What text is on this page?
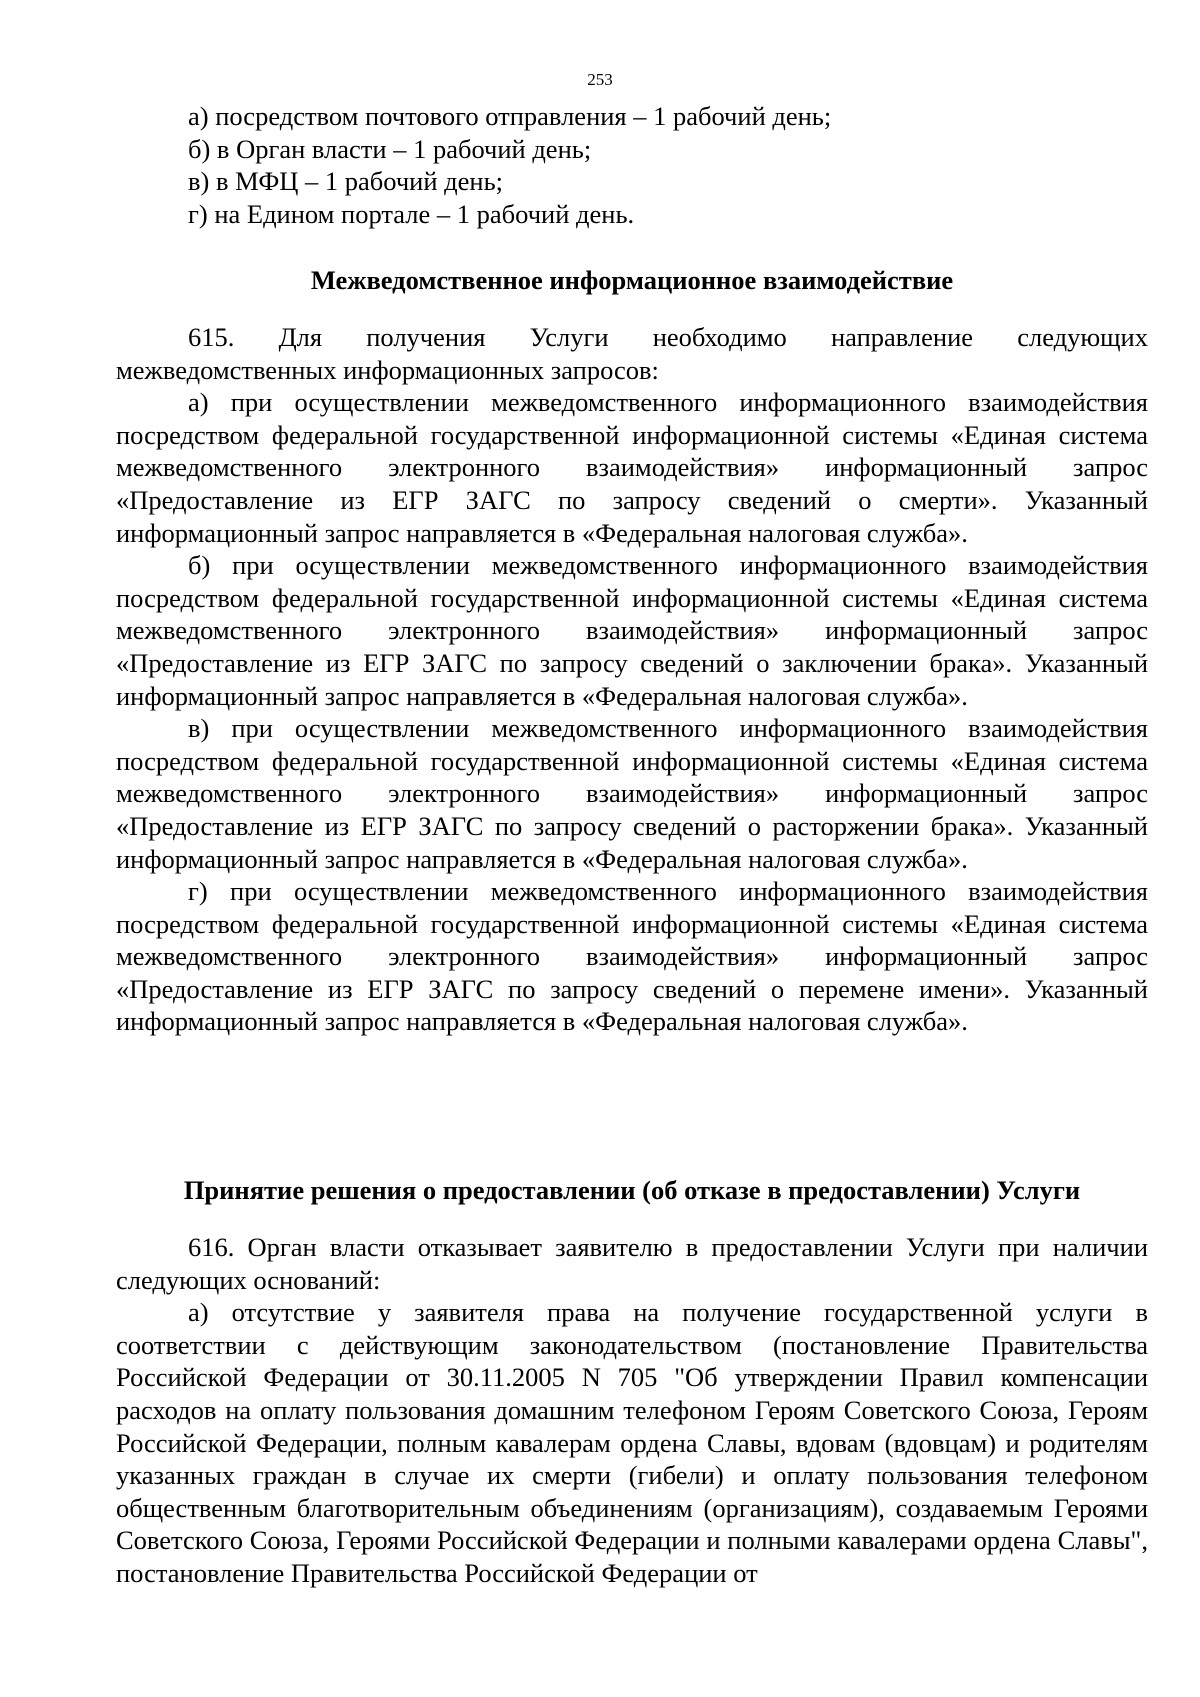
253

а) посредством почтового отправления – 1 рабочий день;

б) в Орган власти – 1 рабочий день;

в) в МФЦ – 1 рабочий день;

г) на Едином портале – 1 рабочий день.

Межведомственное информационное взаимодействие

615. Для получения Услуги необходимо направление следующих межведомственных информационных запросов:

а) при осуществлении межведомственного информационного взаимодействия посредством федеральной государственной информационной системы «Единая система межведомственного электронного взаимодействия» информационный запрос «Предоставление из ЕГР ЗАГС по запросу сведений о смерти». Указанный информационный запрос направляется в «Федеральная налоговая служба».

б) при осуществлении межведомственного информационного взаимодействия посредством федеральной государственной информационной системы «Единая система межведомственного электронного взаимодействия» информационный запрос «Предоставление из ЕГР ЗАГС по запросу сведений о заключении брака». Указанный информационный запрос направляется в «Федеральная налоговая служба».

в) при осуществлении межведомственного информационного взаимодействия посредством федеральной государственной информационной системы «Единая система межведомственного электронного взаимодействия» информационный запрос «Предоставление из ЕГР ЗАГС по запросу сведений о расторжении брака». Указанный информационный запрос направляется в «Федеральная налоговая служба».

г) при осуществлении межведомственного информационного взаимодействия посредством федеральной государственной информационной системы «Единая система межведомственного электронного взаимодействия» информационный запрос «Предоставление из ЕГР ЗАГС по запросу сведений о перемене имени». Указанный информационный запрос направляется в «Федеральная налоговая служба».

Принятие решения о предоставлении (об отказе в предоставлении) Услуги

616. Орган власти отказывает заявителю в предоставлении Услуги при наличии следующих оснований:

а) отсутствие у заявителя права на получение государственной услуги в соответствии с действующим законодательством (постановление Правительства Российской Федерации от 30.11.2005 N 705 "Об утверждении Правил компенсации расходов на оплату пользования домашним телефоном Героям Советского Союза, Героям Российской Федерации, полным кавалерам ордена Славы, вдовам (вдовцам) и родителям указанных граждан в случае их смерти (гибели) и оплату пользования телефоном общественным благотворительным объединениям (организациям), создаваемым Героями Советского Союза, Героями Российской Федерации и полными кавалерами ордена Славы", постановление Правительства Российской Федерации от
